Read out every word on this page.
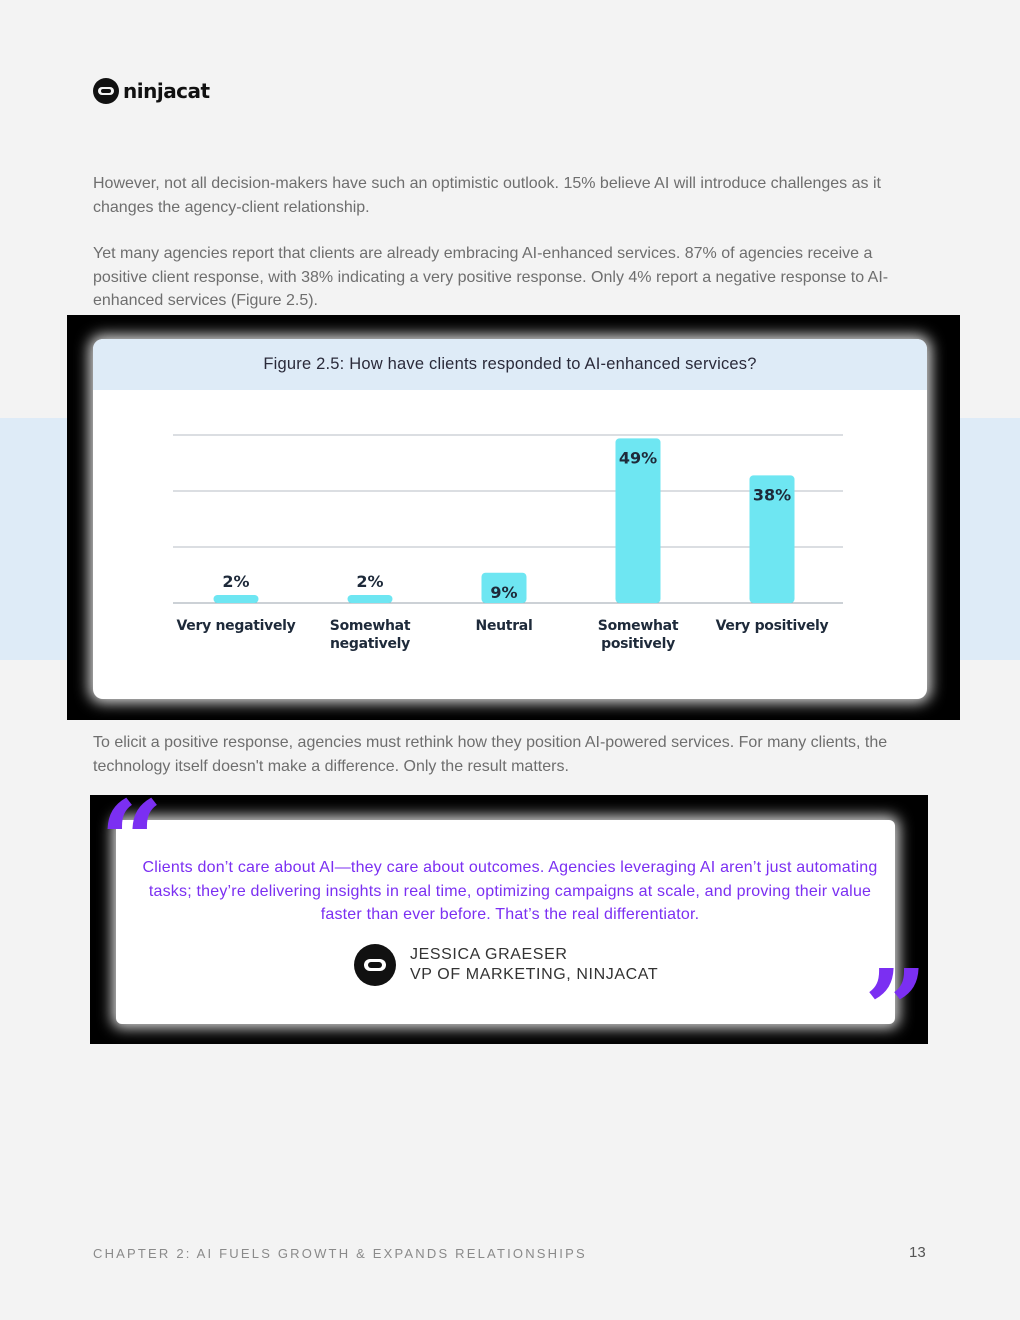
ninjacat

However, not all decision-makers have such an optimistic outlook. 15% believe AI will introduce challenges as it changes the agency-client relationship.

Yet many agencies report that clients are already embracing AI-enhanced services. 87% of agencies receive a positive client response, with 38% indicating a very positive response. Only 4% report a negative response to AI-enhanced services (Figure 2.5).

Figure 2.5: How have clients responded to AI-enhanced services?
2%
Very negatively
2%
Somewhat
negatively
9%
Neutral
49%
Somewhat
positively
38%
Very positively

To elicit a positive response, agencies must rethink how they position AI-powered services. For many clients, the technology itself doesn't make a difference. Only the result matters.

“

Clients don’t care about AI—they care about outcomes. Agencies leveraging AI aren’t just automating tasks; they’re delivering insights in real time, optimizing campaigns at scale, and proving their value faster than ever before. That’s the real differentiator.

JESSICA GRAESER
VP OF MARKETING, NINJACAT ”
CHAPTER 2: AI FUELS GROWTH & EXPANDS RELATIONSHIPS	13
